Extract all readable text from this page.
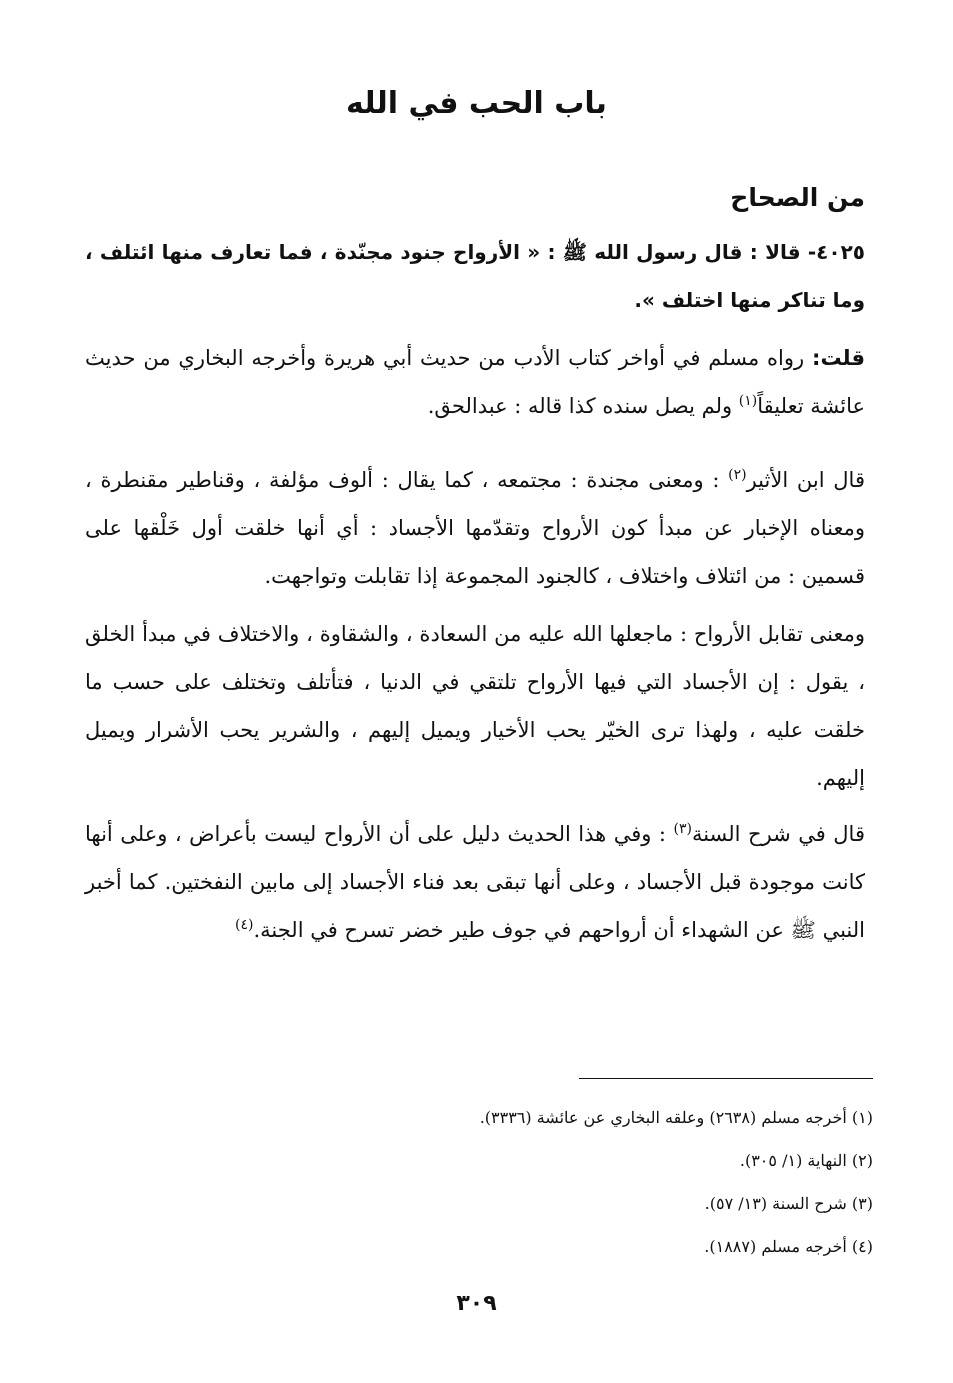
باب الحب في الله
من الصحاح
٤٠٢٥- قالا : قال رسول الله ﷺ : « الأرواح جنود مجنّدة ، فما تعارف منها ائتلف ، وما تناكر منها اختلف ».
قلت: رواه مسلم في أواخر كتاب الأدب من حديث أبي هريرة وأخرجه البخاري من حديث عائشة تعليقاً$^{(١)}$ ولم يصل سنده كذا قاله : عبدالحق.
قال ابن الأثير$^{(٢)}$ : ومعنى مجندة : مجتمعه ، كما يقال : ألوف مؤلفة ، وقناطير مقنطرة ، ومعناه الإخبار عن مبدأ كون الأرواح وتقدّمها الأجساد : أي أنها خلقت أول خَلْقها على قسمين : من ائتلاف واختلاف ، كالجنود المجموعة إذا تقابلت وتواجهت.
ومعنى تقابل الأرواح : ماجعلها الله عليه من السعادة ، والشقاوة ، والاختلاف في مبدأ الخلق ، يقول : إن الأجساد التي فيها الأرواح تلتقي في الدنيا ، فتأتلف وتختلف على حسب ما خلقت عليه ، ولهذا ترى الخيّر يحب الأخيار ويميل إليهم ، والشرير يحب الأشرار ويميل إليهم.
قال في شرح السنة$^{(٣)}$ : وفي هذا الحديث دليل على أن الأرواح ليست بأعراض ، وعلى أنها كانت موجودة قبل الأجساد ، وعلى أنها تبقى بعد فناء الأجساد إلى مابين النفختين. كما أخبر النبي ﷺ عن الشهداء أن أرواحهم في جوف طير خضر تسرح في الجنة.$^{(٤)}$
(١) أخرجه مسلم (٢٦٣٨) وعلقه البخاري عن عائشة (٣٣٣٦).
(٢) النهاية (١/ ٣٠٥).
(٣) شرح السنة (١٣/ ٥٧).
(٤) أخرجه مسلم (١٨٨٧).
٣٠٩
